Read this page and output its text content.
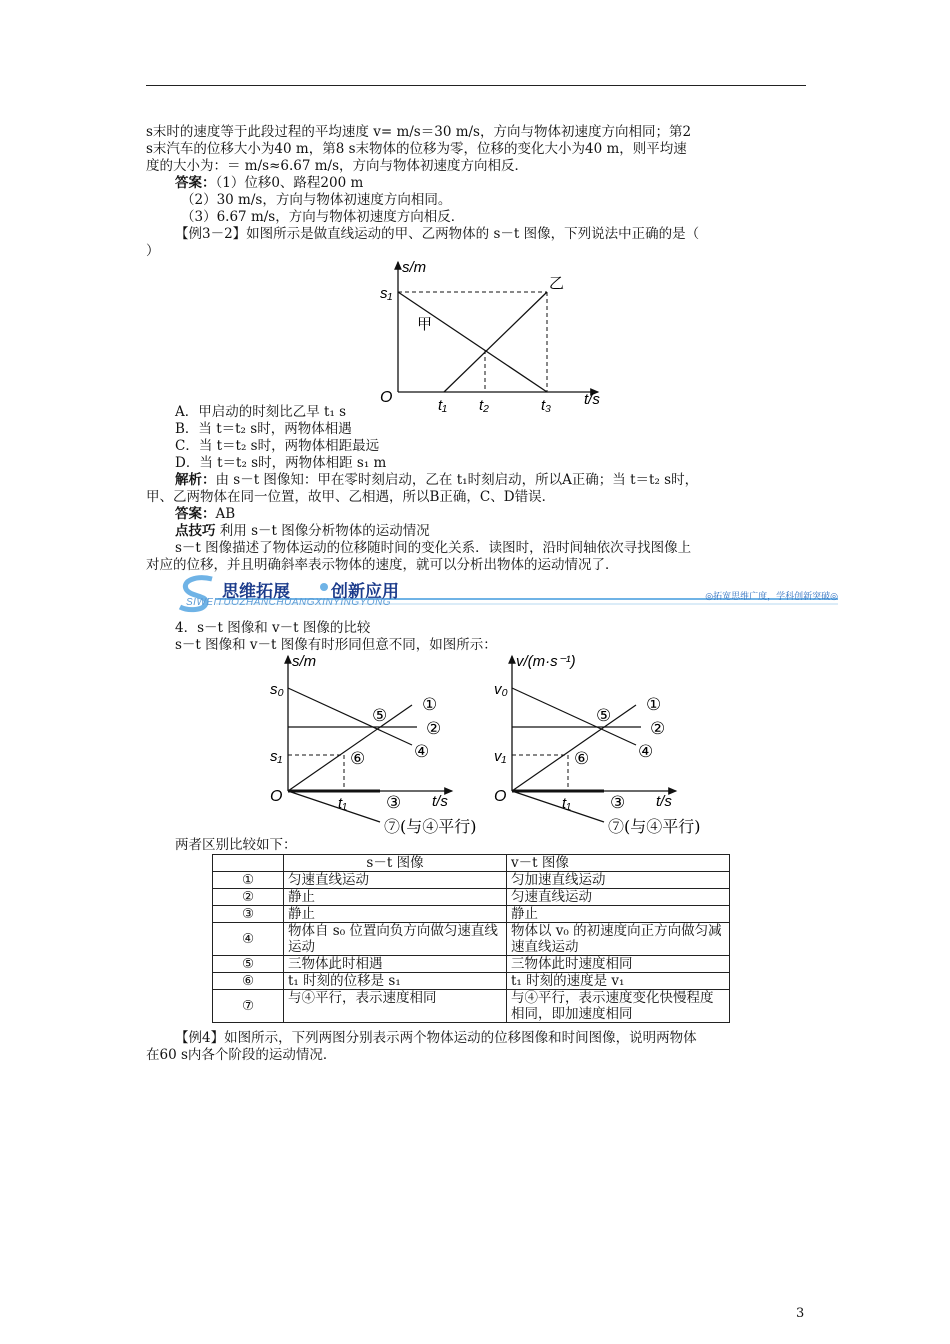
s末时的速度等于此段过程的平均速度 v= m/s＝30 m/s，方向与物体初速度方向相同；第2
s末汽车的位移大小为40 m，第8 s末物体的位移为零，位移的变化大小为40 m，则平均速
度的大小为：＝ m/s≈6.67 m/s，方向与物体初速度方向相反．
答案：（1）位移0、路程200 m
（2）30 m/s，方向与物体初速度方向相同。
（3）6.67 m/s，方向与物体初速度方向相反．
【例3－2】如图所示是做直线运动的甲、乙两物体的 s－t 图像，下列说法中正确的是（
）
s/m
s₁
O	t₁ t₂	t₃ t/s
甲
乙
A．甲启动的时刻比乙早 t₁ s
B．当 t＝t₂ s时，两物体相遇
C．当 t＝t₂ s时，两物体相距最远
D．当 t＝t₂ s时，两物体相距 s₁ m
解析：由 s－t 图像知：甲在零时刻启动，乙在 t₁时刻启动，所以A正确；当 t＝t₂ s时，
甲、乙两物体在同一位置，故甲、乙相遇，所以B正确，C、D错误．
答案：AB
点技巧 利用 s－t 图像分析物体的运动情况
s－t 图像描述了物体运动的位移随时间的变化关系．读图时，沿时间轴依次寻找图像上
对应的位移，并且明确斜率表示物体的速度，就可以分析出物体的运动情况了．
思维拓展 创新应用
SIWEITUOZHANCHUANGXINYINGYONG	◎拓宽思维广度，学科创新突破◎
4．s－t 图像和 v－t 图像的比较
s－t 图像和 v－t 图像有时形同但意不同，如图所示：
s/m
s₀
s₁
O	t₁	t/s
⑤
①
②
④
⑥
③
⑦(与④平行)
v/(m·s⁻¹)
v₀
v₁
O	t₁	t/s
⑤
①
②
④
⑥
③
⑦(与④平行)
两者区别比较如下：
	s－t 图像	v－t 图像
①	匀速直线运动	匀加速直线运动
②	静止	匀速直线运动
③	静止	静止
④	物体自 s₀ 位置向负方向做匀速直线运动	物体以 v₀ 的初速度向正方向做匀减速直线运动
⑤	三物体此时相遇	三物体此时速度相同
⑥	t₁ 时刻的位移是 s₁	t₁ 时刻的速度是 v₁
⑦	与④平行，表示速度相同	与④平行，表示速度变化快慢程度相同，即加速度相同
【例4】如图所示，下列两图分别表示两个物体运动的位移图像和时间图像，说明两物体
在60 s内各个阶段的运动情况．
3
